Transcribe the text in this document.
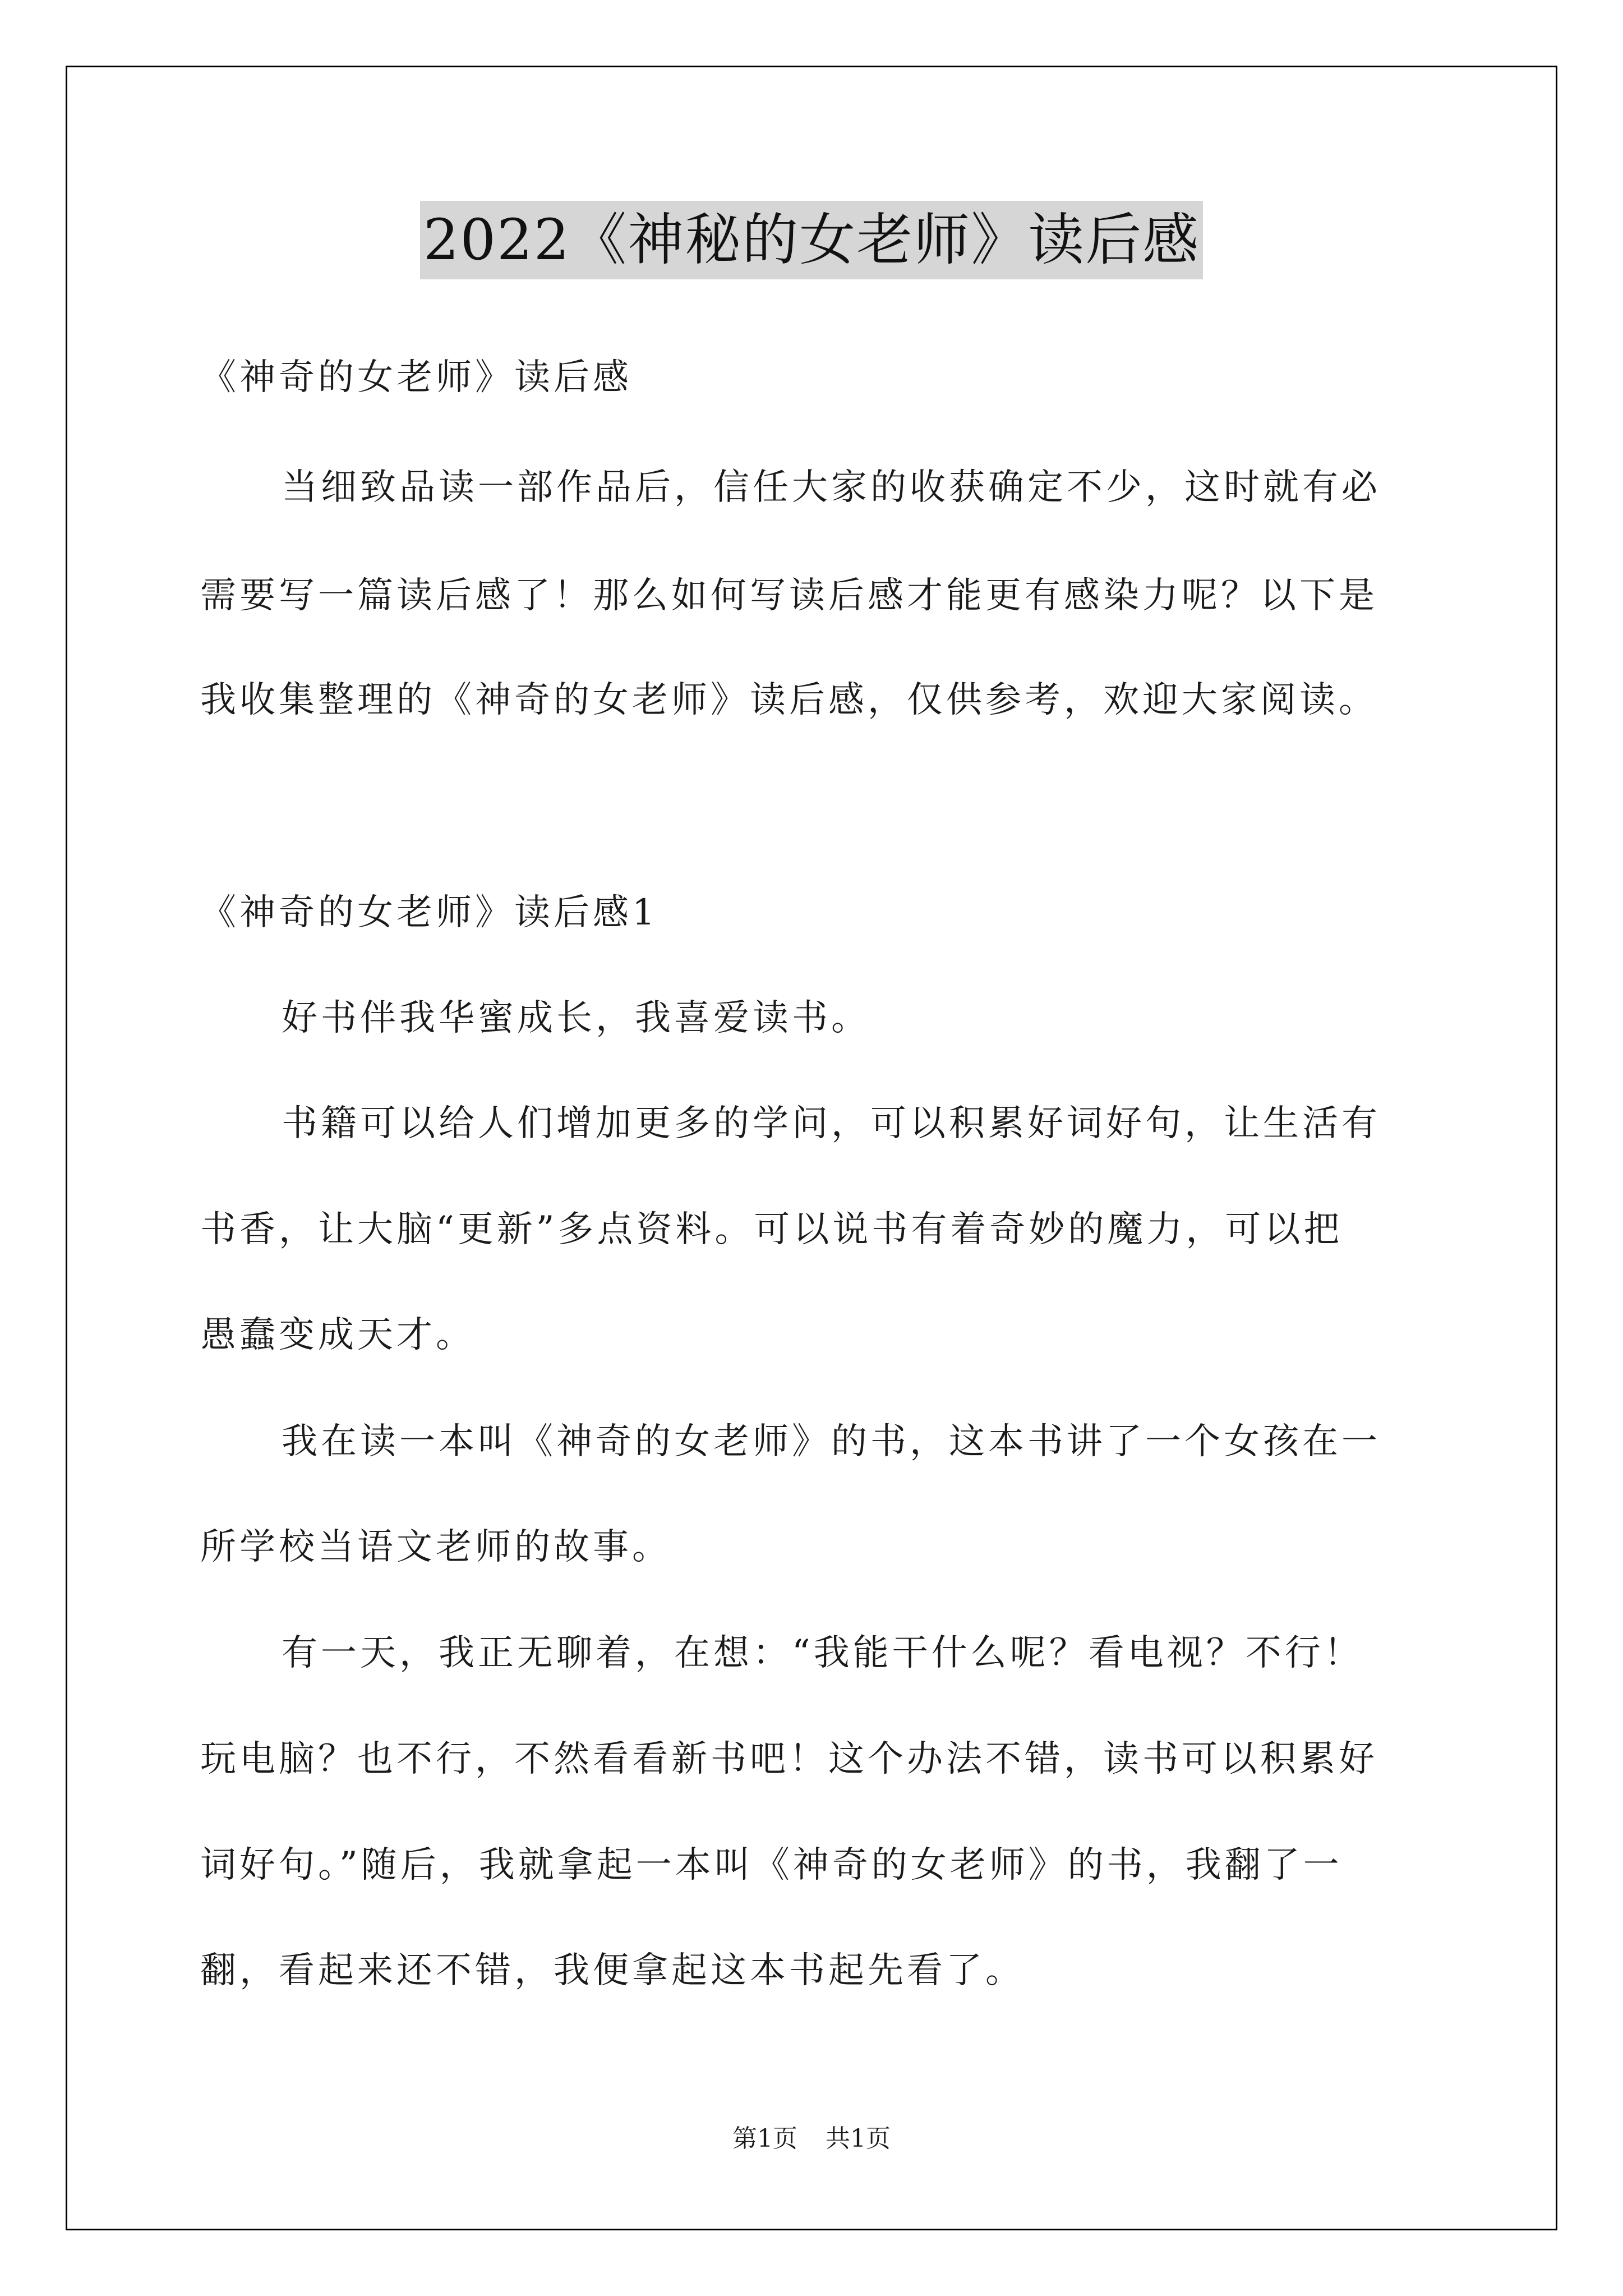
2022《神秘的女老师》读后感
《神奇的女老师》读后感
当细致品读一部作品后，信任大家的收获确定不少，这时就有必
需要写一篇读后感了！那么如何写读后感才能更有感染力呢？以下是
我收集整理的《神奇的女老师》读后感，仅供参考，欢迎大家阅读。
《神奇的女老师》读后感1
好书伴我华蜜成长，我喜爱读书。
书籍可以给人们增加更多的学问，可以积累好词好句，让生活有
书香，让大脑“更新”多点资料。可以说书有着奇妙的魔力，可以把
愚蠢变成天才。
我在读一本叫《神奇的女老师》的书，这本书讲了一个女孩在一
所学校当语文老师的故事。
有一天，我正无聊着，在想：“我能干什么呢？看电视？不行！
玩电脑？也不行，不然看看新书吧！这个办法不错，读书可以积累好
词好句。”随后，我就拿起一本叫《神奇的女老师》的书，我翻了一
翻，看起来还不错，我便拿起这本书起先看了。
第1页 共1页
